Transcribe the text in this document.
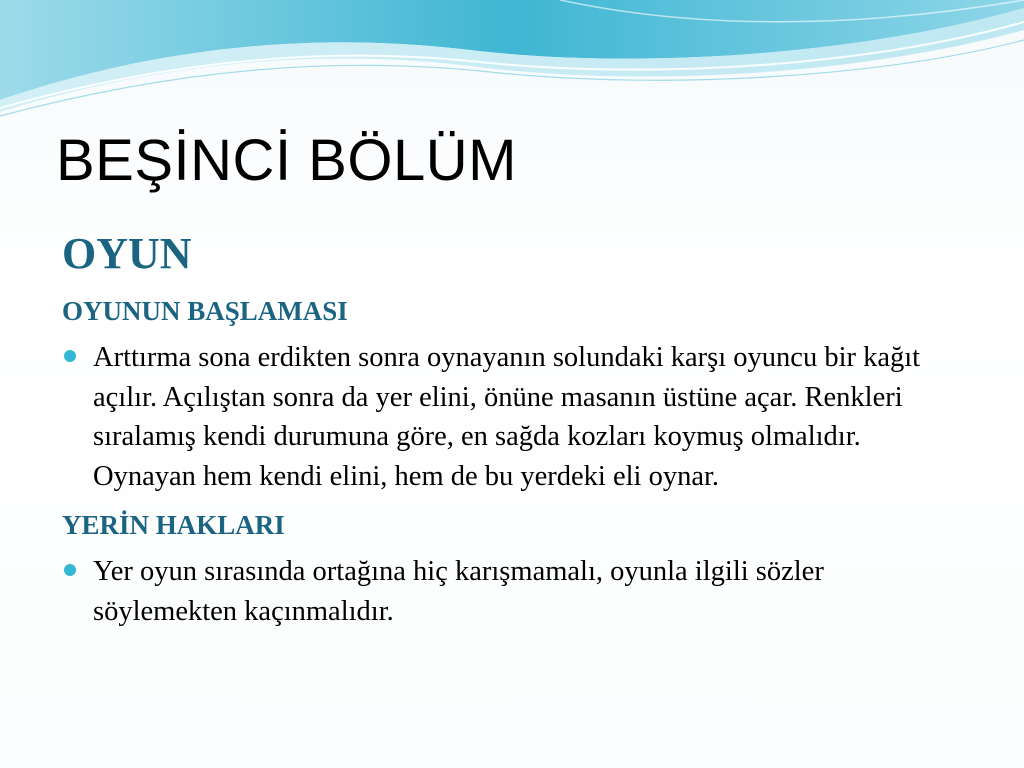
BEŞİNCİ BÖLÜM
OYUN
OYUNUN BAŞLAMASI
Arttırma sona erdikten sonra oynayanın solundaki karşı oyuncu bir kağıt açılır. Açılıştan sonra da yer elini, önüne masanın üstüne açar. Renkleri sıralamış kendi durumuna göre, en sağda kozları koymuş olmalıdır. Oynayan hem kendi elini, hem de bu yerdeki eli oynar.
YERİN HAKLARI
Yer oyun sırasında ortağına hiç karışmamalı, oyunla ilgili sözler söylemekten kaçınmalıdır.
